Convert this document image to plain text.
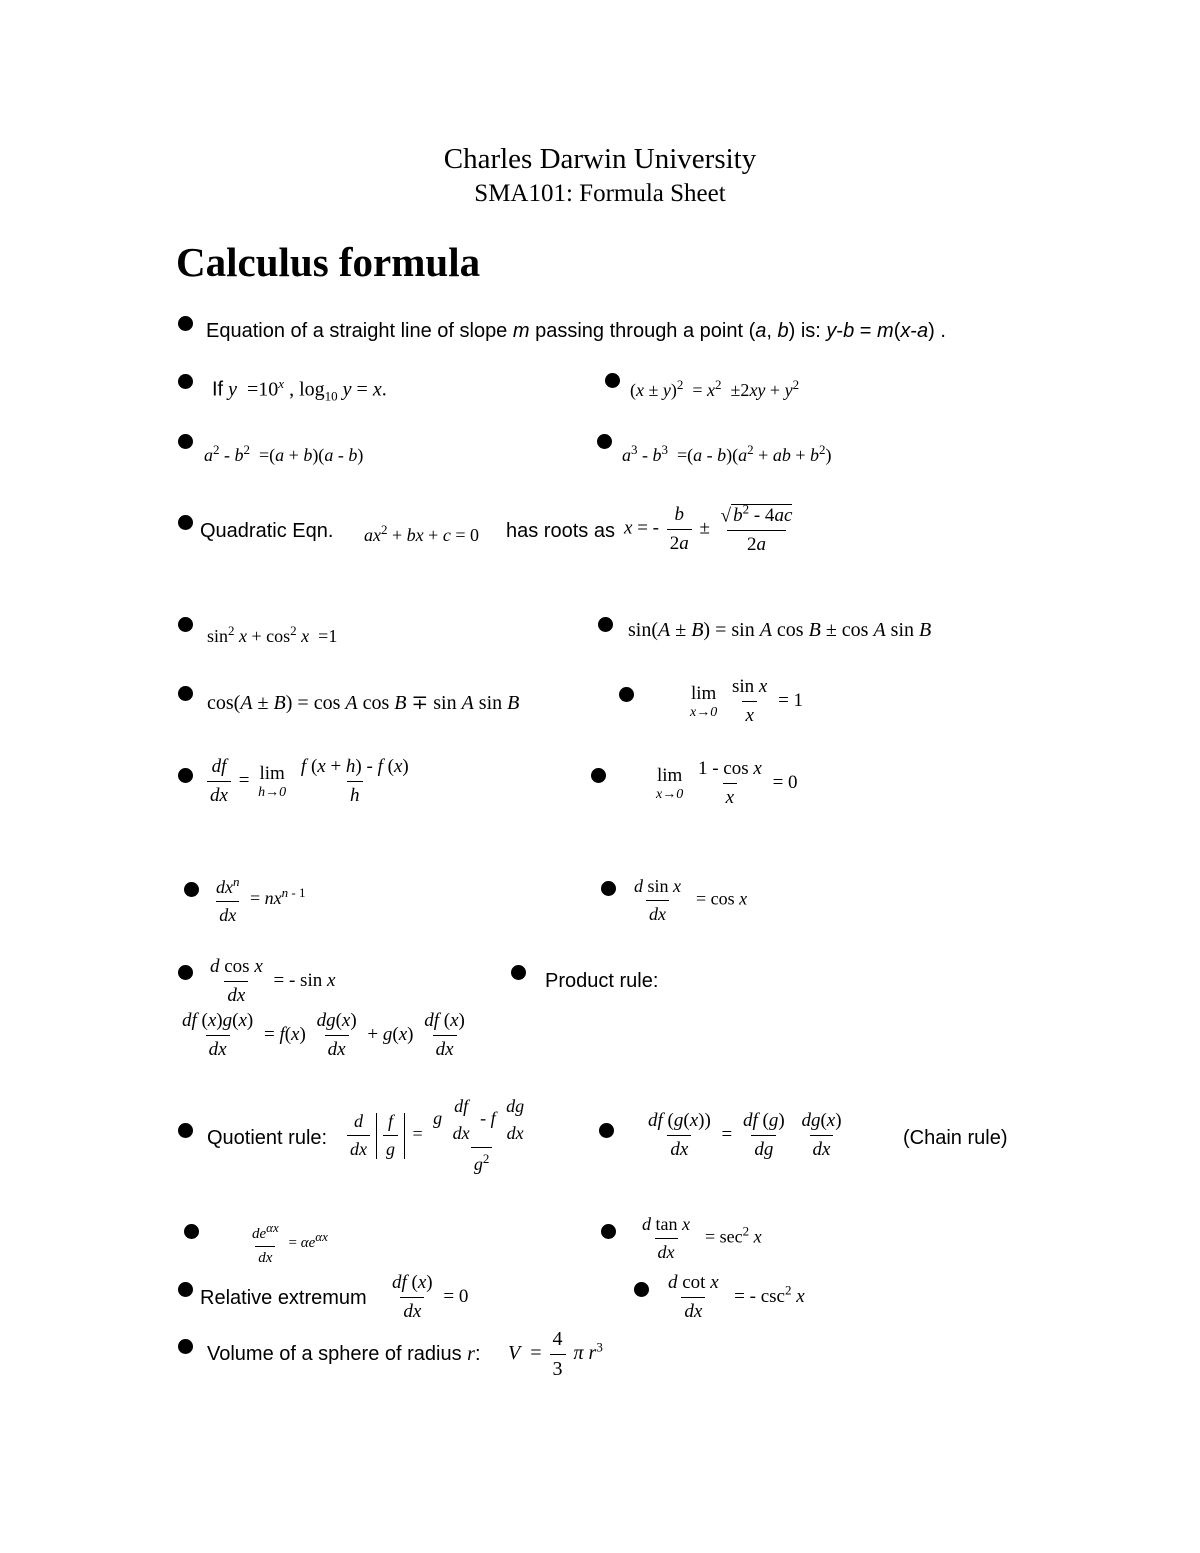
Charles Darwin University
SMA101: Formula Sheet
Calculus formula
Equation of a straight line of slope m passing through a point (a, b) is: y-b = m(x-a) .
If $y =10^x$ , $\log_{10} y = x$.	$(x \pm y)^2 = x^2 \pm 2xy + y^2$
$a^2 - b^2 =(a + b)(a - b)$	$a^3 - b^3 =(a - b)(a^2$ + ab + $b^2$)
Quadratic Eqn. $ax^2$ + bx + c = 0 has roots as x = - $\frac{b}{2a} \pm \frac{√ b^2 - 4ac}{2a}$
$\sin^2 x + \cos^2 x =1$	sin(A ± B) = sin A cos B ± cos A sin B
cos(A ± B) = cos A cos B ∓ sin A sin B	lim
x→0
$\frac{\text{sin x}}{x} = 1$
$\frac{df}{dx} = \lim$
h→0
$\frac{f (x + h) - f (x)}{h}$	lim
x→0
$\frac{\text{1 - cos x}}{x} = 0$
$\frac{dx^n}{dx} = nx^{n - 1}$	$\frac{\text{d sin x}}{dx} = \cos x$
$\frac{\text{d cos x}}{dx}$ = - sin x	Product rule:
$\frac{df (x)g(x)}{dx} = f(x) \frac{dg(x)}{dx} + g(x) \frac{df (x)}{dx}$
Quotient rule: $\frac{d}{dx} \frac{f}{g} = g$
df
dx
- f
dg
dx
$g^2$	$\frac{df (g(x))}{dx} = \frac{df (g)}{dg}$
$\frac{dg(x)}{dx}$	(Chain rule)
$\frac{de^{\alpha x}}{dx} = \alpha e^{\alpha x}$	$\frac{\text{d tan x}}{dx} = \sec^2 x$
Relative extremum $\frac{df (x)}{dx} = 0$	$\frac{\text{d cot x}}{dx}$ = - $\csc^2 x$
Volume of a sphere of radius r: $V = \frac{4}{3}$ π $r^3$
